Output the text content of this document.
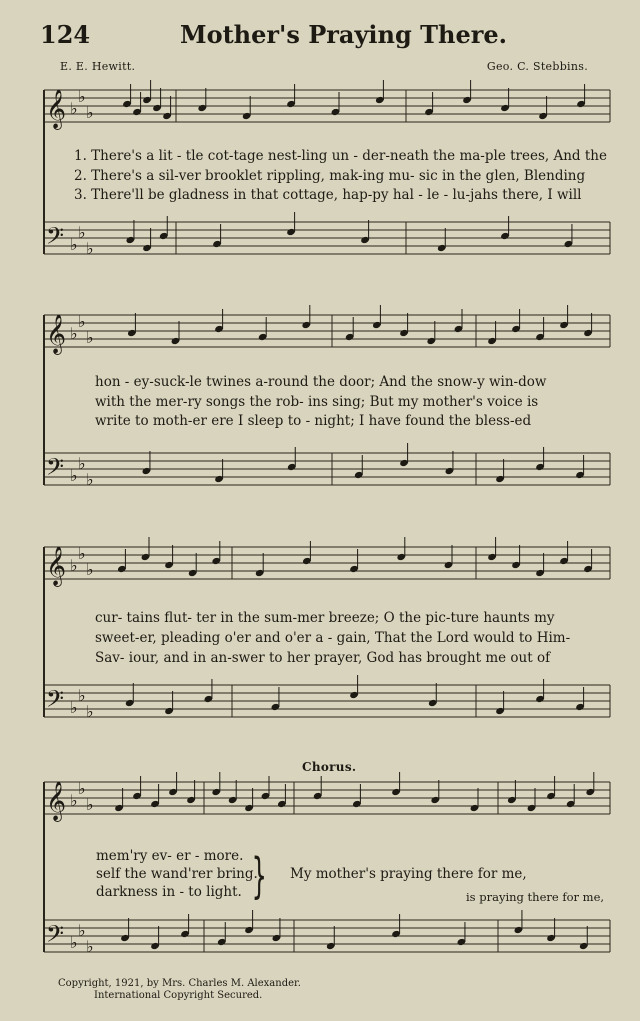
124	Mother's Praying There.
E. E. Hewitt.	Geo. C. Stebbins.
𝄞
𝄢
♭
♭
♭
♭
♭
♭
1. There's a lit - tle cot-tage nest-ling un - der-neath the ma-ple trees, And the
2. There's a sil-ver brooklet rippling, mak-ing mu- sic in the glen, Blending
3. There'll be gladness in that cottage, hap-py hal - le - lu-jahs there, I will
𝄞
𝄢
♭
♭
♭
♭
♭
♭
hon - ey-suck-le twines a-round the door; And the snow-y win-dow
with the mer-ry songs the rob- ins sing; But my mother's voice is
write to moth-er ere I sleep to - night; I have found the bless-ed
𝄞
𝄢
♭
♭
♭
♭
♭
♭
cur- tains flut- ter in the sum-mer breeze; O the pic-ture haunts my
sweet-er, pleading o'er and o'er a - gain, That the Lord would to Him-
Sav- iour, and in an-swer to her prayer, God has brought me out of
Chorus.
𝄞
𝄢
♭
♭
♭
♭
♭
♭
mem'ry ev- er - more.
self the wand'rer bring.
darkness in - to light. } My mother's praying there for me,
is praying there for me,
Copyright, 1921, by Mrs. Charles M. Alexander.
International Copyright Secured.
